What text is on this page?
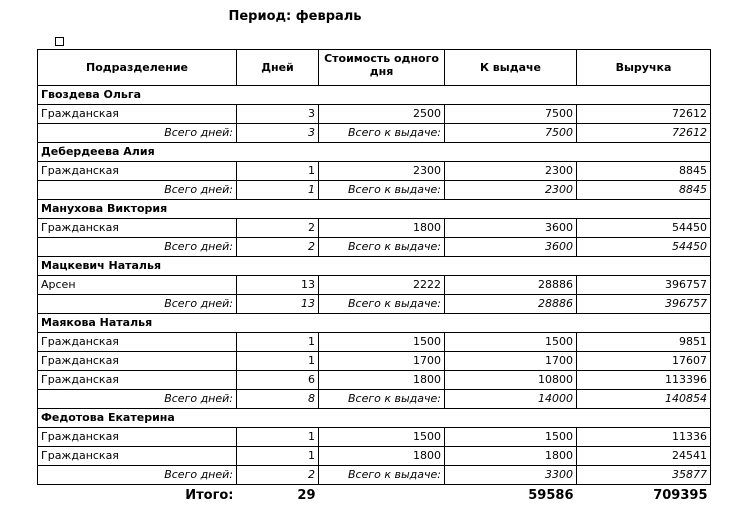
Период: февраль
Подразделение	Дней	Стоимость одного дня	К выдаче	Выручка
Гвоздева Ольга				
Гражданская	3	2500	7500	72612
Всего дней:	3	Всего к выдаче:	7500	72612
Дебердеева Алия				
Гражданская	1	2300	2300	8845
Всего дней:	1	Всего к выдаче:	2300	8845
Манухова Виктория				
Гражданская	2	1800	3600	54450
Всего дней:	2	Всего к выдаче:	3600	54450
Мацкевич Наталья				
Арсен	13	2222	28886	396757
Всего дней:	13	Всего к выдаче:	28886	396757
Маякова Наталья				
Гражданская	1	1500	1500	9851
Гражданская	1	1700	1700	17607
Гражданская	6	1800	10800	113396
Всего дней:	8	Всего к выдаче:	14000	140854
Федотова Екатерина				
Гражданская	1	1500	1500	11336
Гражданская	1	1800	1800	24541
Всего дней:	2	Всего к выдаче:	3300	35877
Итого:	29		59586	709395
